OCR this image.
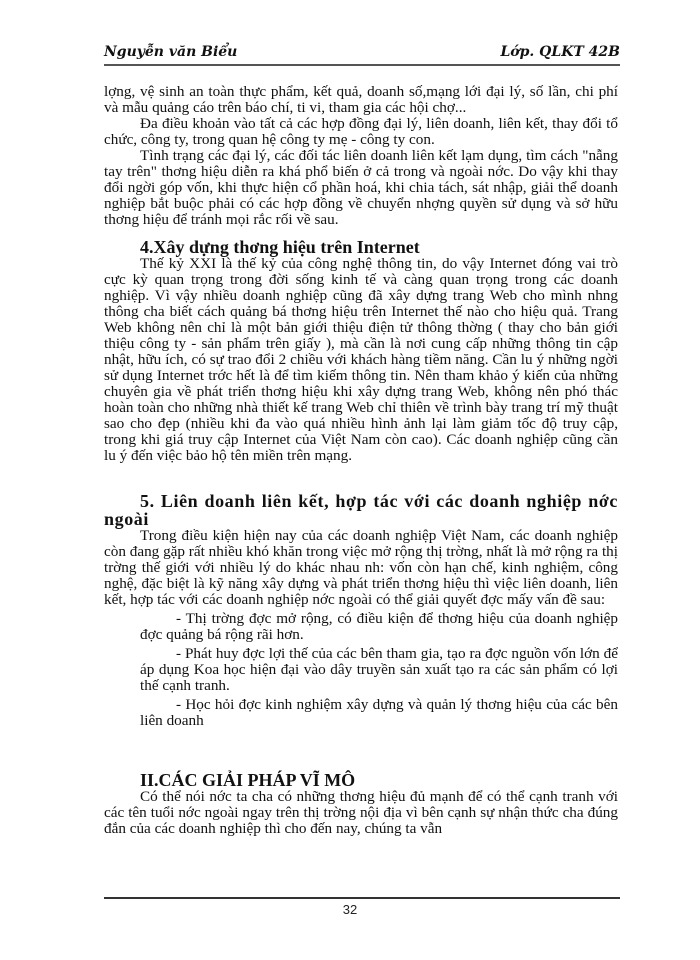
Nguyễn văn Biểu	Lớp. QLKT 42B

lợng, vệ sinh an toàn thực phẩm, kết quả, doanh số,mạng lới đại lý, số lần, chi phí và mẫu quảng cáo trên báo chí, ti vi, tham gia các hội chợ...

Đa điều khoản vào tất cả các hợp đồng đại lý, liên doanh, liên kết, thay đổi tổ chức, công ty, trong quan hệ công ty mẹ - công ty con.

Tình trạng các đại lý, các đối tác liên doanh liên kết lạm dụng, tìm cách "nẫng tay trên" thơng hiệu diễn ra khá phổ biến ở cả trong và ngoài nớc. Do vậy khi thay đổi ngời góp vốn, khi thực hiện cổ phần hoá, khi chia tách, sát nhập, giải thể doanh nghiệp bắt buộc phải có các hợp đồng về chuyển nhợng quyền sử dụng và sở hữu thơng hiệu để tránh mọi rắc rối về sau.

4.Xây dựng thơng hiệu trên Internet

Thế kỷ XXI là thế kỷ của công nghệ thông tin, do vậy Internet đóng vai trò cực kỳ quan trọng trong đời sống kinh tế và càng quan trọng trong các doanh nghiệp. Vì vậy nhiều doanh nghiệp cũng đã xây dựng trang Web cho mình nhng thông cha biết cách quảng bá thơng hiệu trên Internet thế nào cho hiệu quả. Trang Web không nên chỉ là một bản giới thiệu điện tử thông thờng ( thay cho bản giới thiệu công ty - sản phẩm trên giấy ), mà cần là nơi cung cấp những thông tin cập nhật, hữu ích, có sự trao đổi 2 chiều với khách hàng tiềm năng. Cần lu ý những ngời sử dụng Internet trớc hết là để tìm kiếm thông tin. Nên tham khảo ý kiến của những chuyên gia về phát triển thơng hiệu khi xây dựng trang Web, không nên phó thác hoàn toàn cho những nhà thiết kế trang Web chỉ thiên về trình bày trang trí mỹ thuật sao cho đẹp (nhiều khi đa vào quá nhiều hình ảnh lại làm giảm tốc độ truy cập, trong khi giá truy cập Internet của Việt Nam còn cao). Các doanh nghiệp cũng cần lu ý đến việc bảo hộ tên miền trên mạng.

5. Liên doanh liên kết, hợp tác với các doanh nghiệp nớc ngoài

Trong điều kiện hiện nay của các doanh nghiệp Việt Nam, các doanh nghiệp còn đang gặp rất nhiều khó khăn trong việc mở rộng thị trờng, nhất là mở rộng ra thị trờng thế giới với nhiều lý do khác nhau nh: vốn còn hạn chế, kinh nghiệm, công nghệ, đặc biệt là kỹ năng xây dựng và phát triển thơng hiệu thì việc liên doanh, liên kết, hợp tác với các doanh nghiệp nớc ngoài có thể giải quyết đợc mấy vấn đề sau:

- Thị trờng đợc mở rộng, có điều kiện để thơng hiệu của doanh nghiệp đợc quảng bá rộng rãi hơn.

- Phát huy đợc lợi thế của các bên tham gia, tạo ra đợc nguồn vốn lớn để áp dụng Koa học hiện đại vào dây truyền sản xuất tạo ra các sản phẩm có lợi thế cạnh tranh.

- Học hỏi đợc kinh nghiệm xây dựng và quản lý thơng hiệu của các bên liên doanh

II.CÁC GIẢI PHÁP VĨ MÔ

Có thể nói nớc ta cha có những thơng hiệu đủ mạnh để có thể cạnh tranh với các tên tuổi nớc ngoài ngay trên thị trờng nội địa vì bên cạnh sự nhận thức cha đúng đắn của các doanh nghiệp thì cho đến nay, chúng ta vẫn

32
